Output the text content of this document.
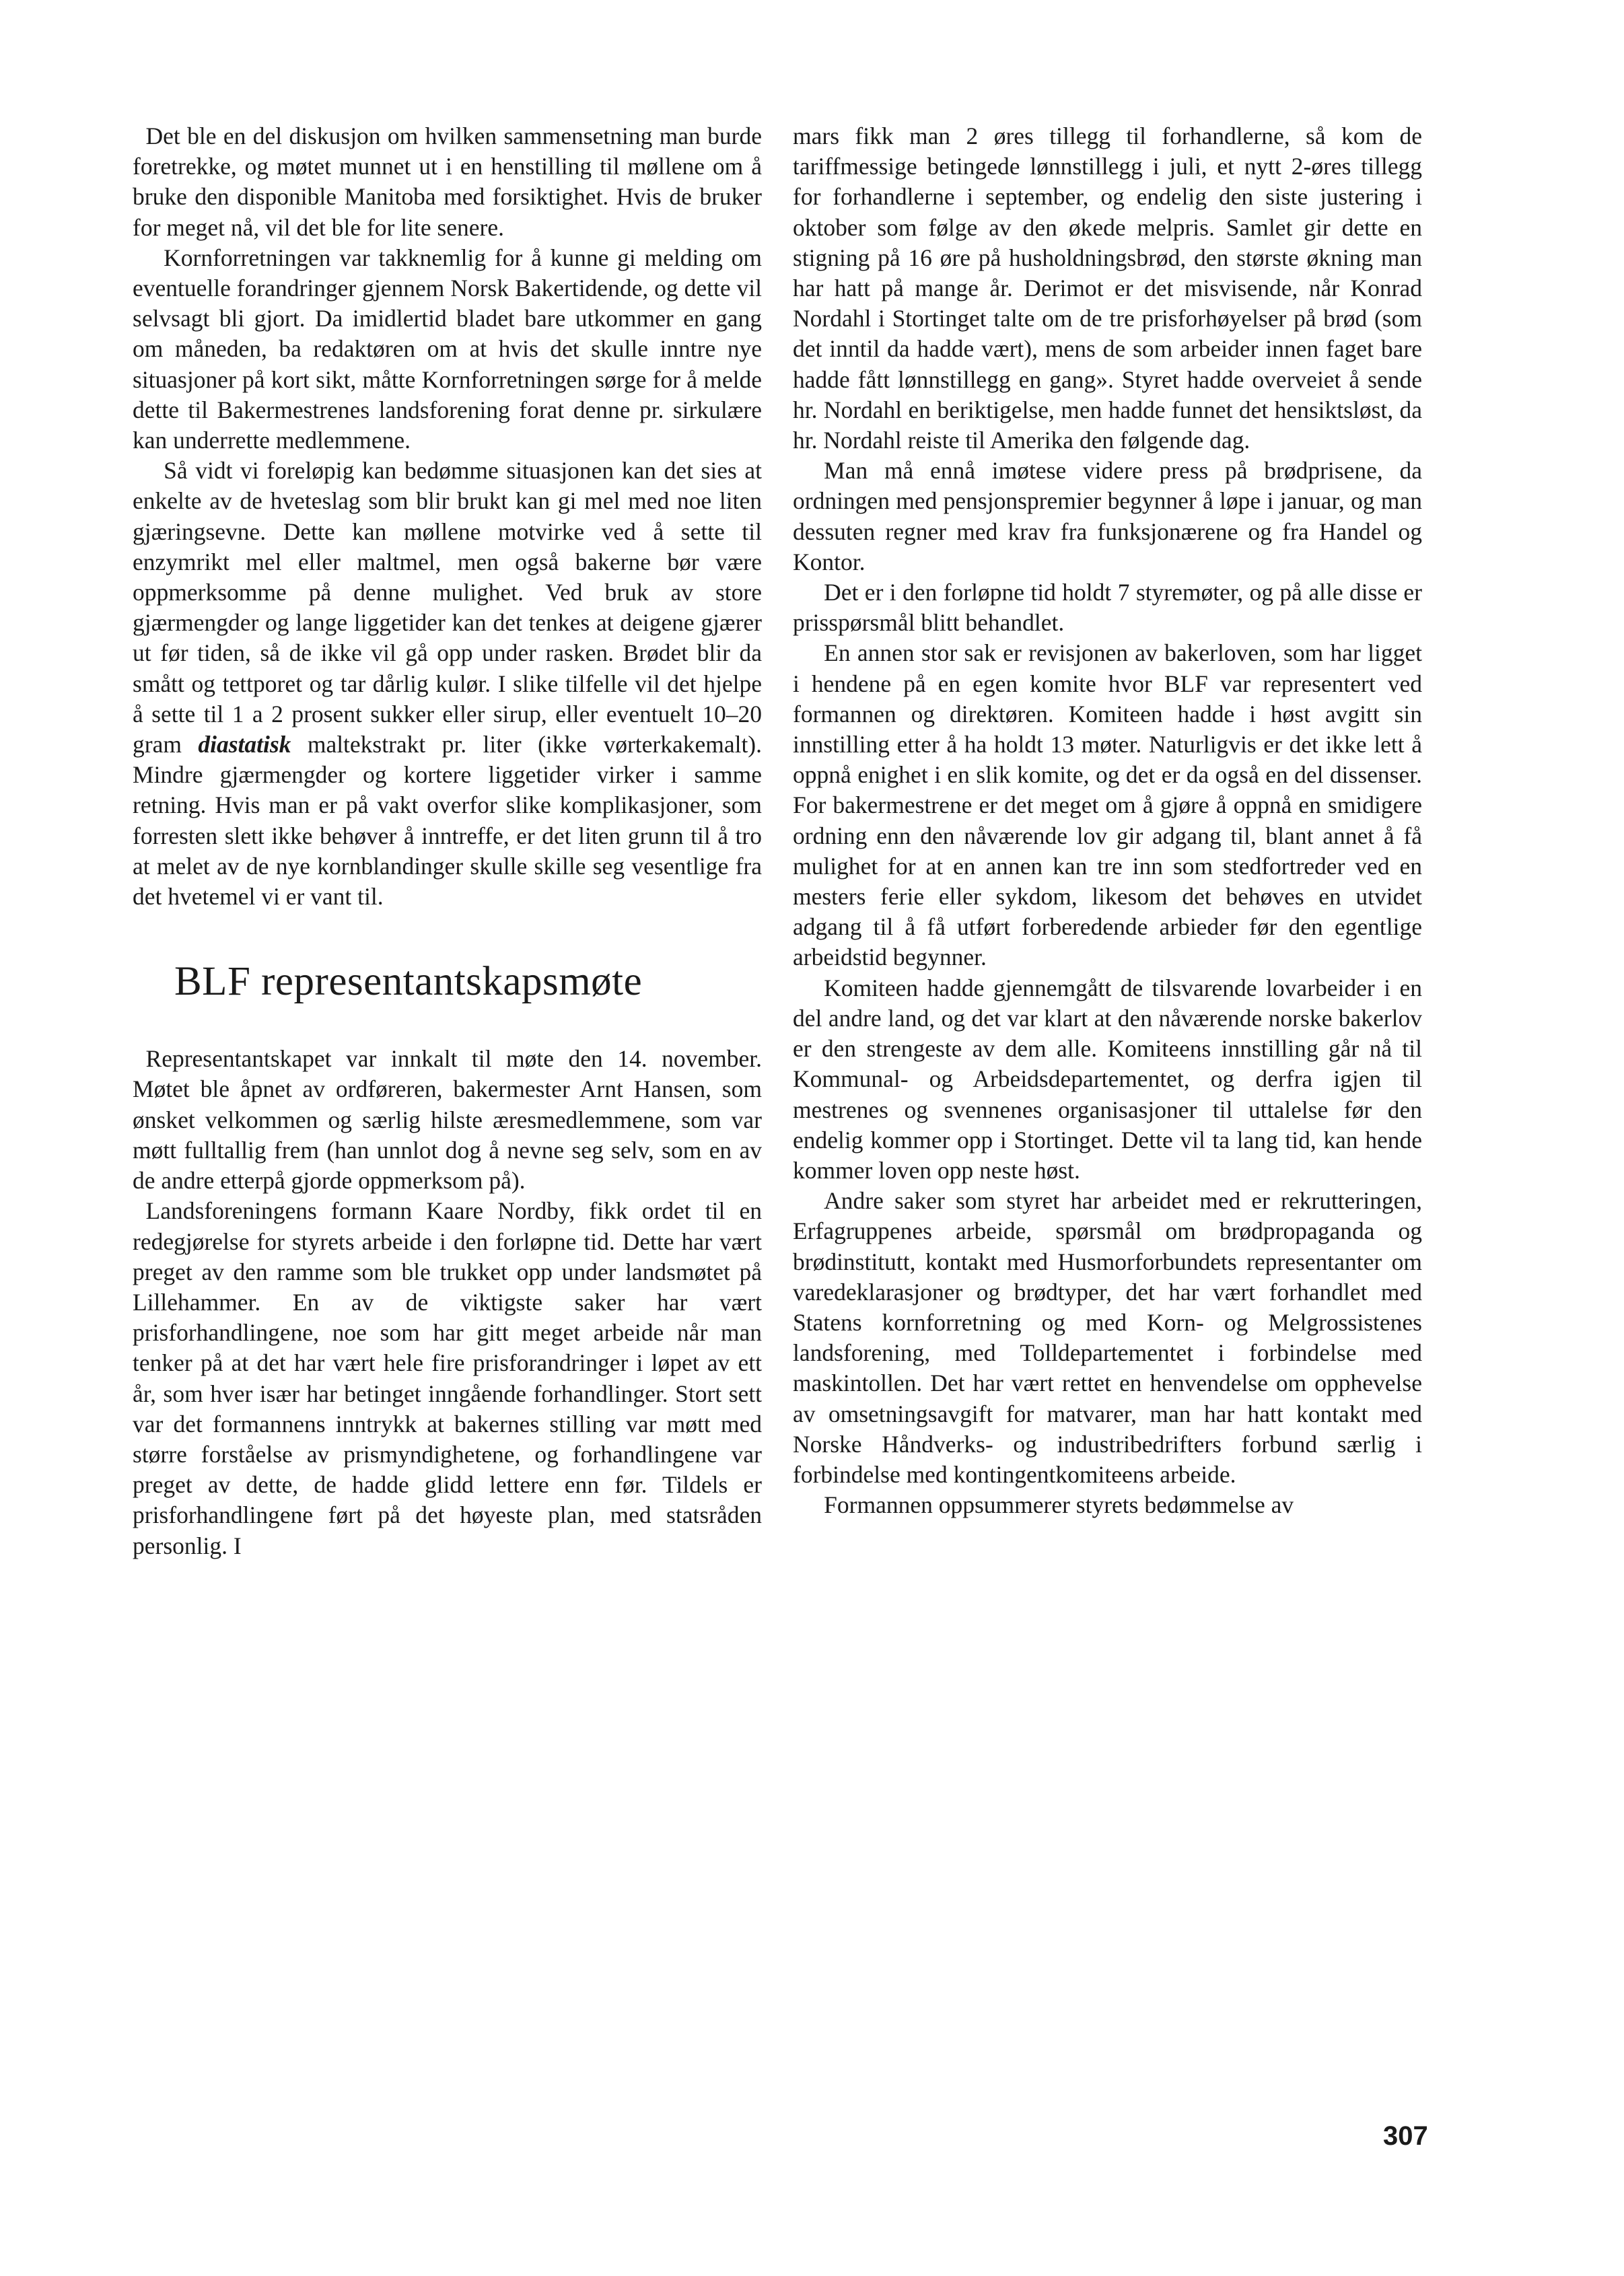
Det ble en del diskusjon om hvilken sammensetning man burde foretrekke, og møtet munnet ut i en henstilling til møllene om å bruke den disponible Manitoba med forsiktighet. Hvis de bruker for meget nå, vil det ble for lite senere.

Kornforretningen var takknemlig for å kunne gi melding om eventuelle forandringer gjennem Norsk Bakertidende, og dette vil selvsagt bli gjort. Da imidlertid bladet bare utkommer en gang om måneden, ba redaktøren om at hvis det skulle inntre nye situasjoner på kort sikt, måtte Kornforretningen sørge for å melde dette til Bakermestrenes landsforening forat denne pr. sirkulære kan underrette medlemmene.

Så vidt vi foreløpig kan bedømme situasjonen kan det sies at enkelte av de hveteslag som blir brukt kan gi mel med noe liten gjæringsevne. Dette kan møllene motvirke ved å sette til enzymrikt mel eller maltmel, men også bakerne bør være oppmerksomme på denne mulighet. Ved bruk av store gjærmengder og lange liggetider kan det tenkes at deigene gjærer ut før tiden, så de ikke vil gå opp under rasken. Brødet blir da smått og tettporet og tar dårlig kulør. I slike tilfelle vil det hjelpe å sette til 1 a 2 prosent sukker eller sirup, eller eventuelt 10–20 gram diastatisk maltekstrakt pr. liter (ikke vørterkakemalt). Mindre gjærmengder og kortere liggetider virker i samme retning. Hvis man er på vakt overfor slike komplikasjoner, som forresten slett ikke behøver å inntreffe, er det liten grunn til å tro at melet av de nye kornblandinger skulle skille seg vesentlige fra det hvetemel vi er vant til.

BLF representantskapsmøte

Representantskapet var innkalt til møte den 14. november. Møtet ble åpnet av ordføreren, bakermester Arnt Hansen, som ønsket velkommen og særlig hilste æresmedlemmene, som var møtt fulltallig frem (han unnlot dog å nevne seg selv, som en av de andre etterpå gjorde oppmerksom på).

Landsforeningens formann Kaare Nordby, fikk ordet til en redegjørelse for styrets arbeide i den forløpne tid. Dette har vært preget av den ramme som ble trukket opp under landsmøtet på Lillehammer. En av de viktigste saker har vært prisforhandlingene, noe som har gitt meget arbeide når man tenker på at det har vært hele fire prisforandringer i løpet av ett år, som hver især har betinget inngående forhandlinger. Stort sett var det formannens inntrykk at bakernes stilling var møtt med større forståelse av prismyndighetene, og forhandlingene var preget av dette, de hadde glidd lettere enn før. Tildels er prisforhandlingene ført på det høyeste plan, med statsråden personlig. I

mars fikk man 2 øres tillegg til forhandlerne, så kom de tariffmessige betingede lønnstillegg i juli, et nytt 2-øres tillegg for forhandlerne i september, og endelig den siste justering i oktober som følge av den økede melpris. Samlet gir dette en stigning på 16 øre på husholdningsbrød, den største økning man har hatt på mange år. Derimot er det misvisende, når Konrad Nordahl i Stortinget talte om de tre prisforhøyelser på brød (som det inntil da hadde vært), mens de som arbeider innen faget bare hadde fått lønnstillegg en gang». Styret hadde overveiet å sende hr. Nordahl en beriktigelse, men hadde funnet det hensiktsløst, da hr. Nordahl reiste til Amerika den følgende dag.

Man må ennå imøtese videre press på brødprisene, da ordningen med pensjonspremier begynner å løpe i januar, og man dessuten regner med krav fra funksjonærene og fra Handel og Kontor.

Det er i den forløpne tid holdt 7 styremøter, og på alle disse er prisspørsmål blitt behandlet.

En annen stor sak er revisjonen av bakerloven, som har ligget i hendene på en egen komite hvor BLF var representert ved formannen og direktøren. Komiteen hadde i høst avgitt sin innstilling etter å ha holdt 13 møter. Naturligvis er det ikke lett å oppnå enighet i en slik komite, og det er da også en del dissenser. For bakermestrene er det meget om å gjøre å oppnå en smidigere ordning enn den nåværende lov gir adgang til, blant annet å få mulighet for at en annen kan tre inn som stedfortreder ved en mesters ferie eller sykdom, likesom det behøves en utvidet adgang til å få utført forberedende arbieder før den egentlige arbeidstid begynner.

Komiteen hadde gjennemgått de tilsvarende lovarbeider i en del andre land, og det var klart at den nåværende norske bakerlov er den strengeste av dem alle. Komiteens innstilling går nå til Kommunal- og Arbeidsdepartementet, og derfra igjen til mestrenes og svennenes organisasjoner til uttalelse før den endelig kommer opp i Stortinget. Dette vil ta lang tid, kan hende kommer loven opp neste høst.

Andre saker som styret har arbeidet med er rekrutteringen, Erfagruppenes arbeide, spørsmål om brødpropaganda og brødinstitutt, kontakt med Husmorforbundets representanter om varedeklarasjoner og brødtyper, det har vært forhandlet med Statens kornforretning og med Korn- og Melgrossistenes landsforening, med Tolldepartementet i forbindelse med maskintollen. Det har vært rettet en henvendelse om opphevelse av omsetningsavgift for matvarer, man har hatt kontakt med Norske Håndverks- og industribedrifters forbund særlig i forbindelse med kontingentkomiteens arbeide.

Formannen oppsummerer styrets bedømmelse av

307
